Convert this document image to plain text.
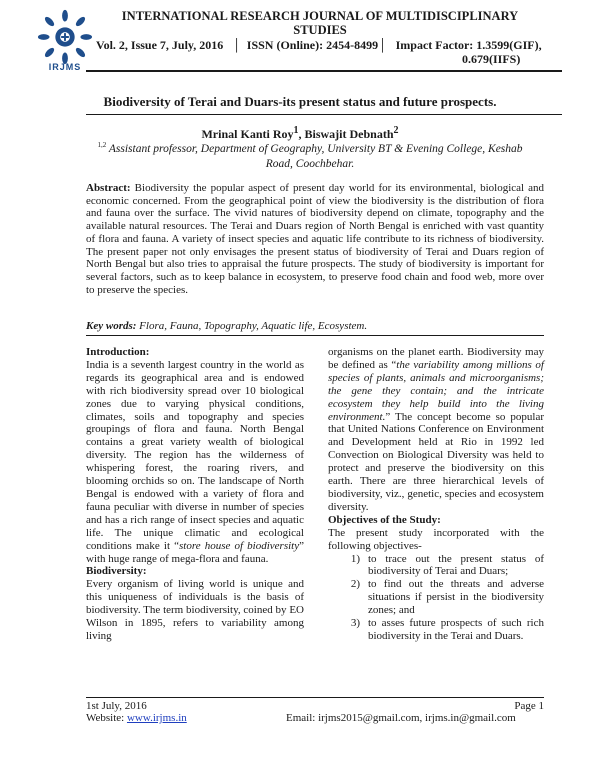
IRJMS
INTERNATIONAL RESEARCH JOURNAL OF MULTIDISCIPLINARY STUDIES
Vol. 2, Issue 7, July, 2016   │  ISSN (Online): 2454-8499│   Impact Factor: 1.3599(GIF),
0.679(IIFS)
Biodiversity of Terai and Duars-its present status and future prospects.
Mrinal Kanti Roy$^1$, Biswajit Debnath$^2$
$^{1,2}$ Assistant professor, Department of Geography, University BT & Evening College, Keshab Road, Coochbehar.
Abstract: Biodiversity the popular aspect of present day world for its environmental, biological and economic concerned. From the geographical point of view the biodiversity is the distribution of flora and fauna over the surface. The vivid natures of biodiversity depend on climate, topography and the available natural resources. The Terai and Duars region of North Bengal is enriched with vast quantity of flora and fauna. A variety of insect species and aquatic life contribute to its richness of biodiversity. The present paper not only envisages the present status of biodiversity of Terai and Duars region of North Bengal but also tries to appraisal the future prospects. The study of biodiversity is important for several factors, such as to keep balance in ecosystem, to preserve food chain and food web, more over to preserve the species.
Key words: Flora, Fauna, Topography, Aquatic life, Ecosystem.
Introduction:

India is a seventh largest country in the world as regards its geographical area and is endowed with rich biodiversity spread over 10 biological zones due to varying physical conditions, climates, soils and topography and species groupings of flora and fauna. North Bengal contains a great variety wealth of biological diversity. The region has the wilderness of whispering forest, the roaring rivers, and blooming orchids so on. The landscape of North Bengal is endowed with a variety of flora and fauna peculiar with diverse in number of species and has a rich range of insect species and aquatic life. The unique climatic and ecological conditions make it “store house of biodiversity” with huge range of mega-flora and fauna.

Biodiversity:

Every organism of living world is unique and this uniqueness of individuals is the basis of biodiversity. The term biodiversity, coined by EO Wilson in 1895, refers to variability among living

organisms on the planet earth. Biodiversity may be defined as “the variability among millions of species of plants, animals and microorganisms; the gene they contain; and the intricate ecosystem they help build into the living environment.” The concept become so popular that United Nations Conference on Environment and Development held at Rio in 1992 led Convection on Biological Diversity was held to protect and preserve the biodiversity on this earth. There are three hierarchical levels of biodiversity, viz., genetic, species and ecosystem diversity.

Objectives of the Study:

The present study incorporated with the following objectives-

1) to trace out the present status of biodiversity of Terai and Duars;
2) to find out the threats and adverse situations if persist in the biodiversity zones; and
3) to asses future prospects of such rich biodiversity in the Terai and Duars.
1st July, 2016	Page 1
Website: www.irjms.in	Email: irjms2015@gmail.com, irjms.in@gmail.com
